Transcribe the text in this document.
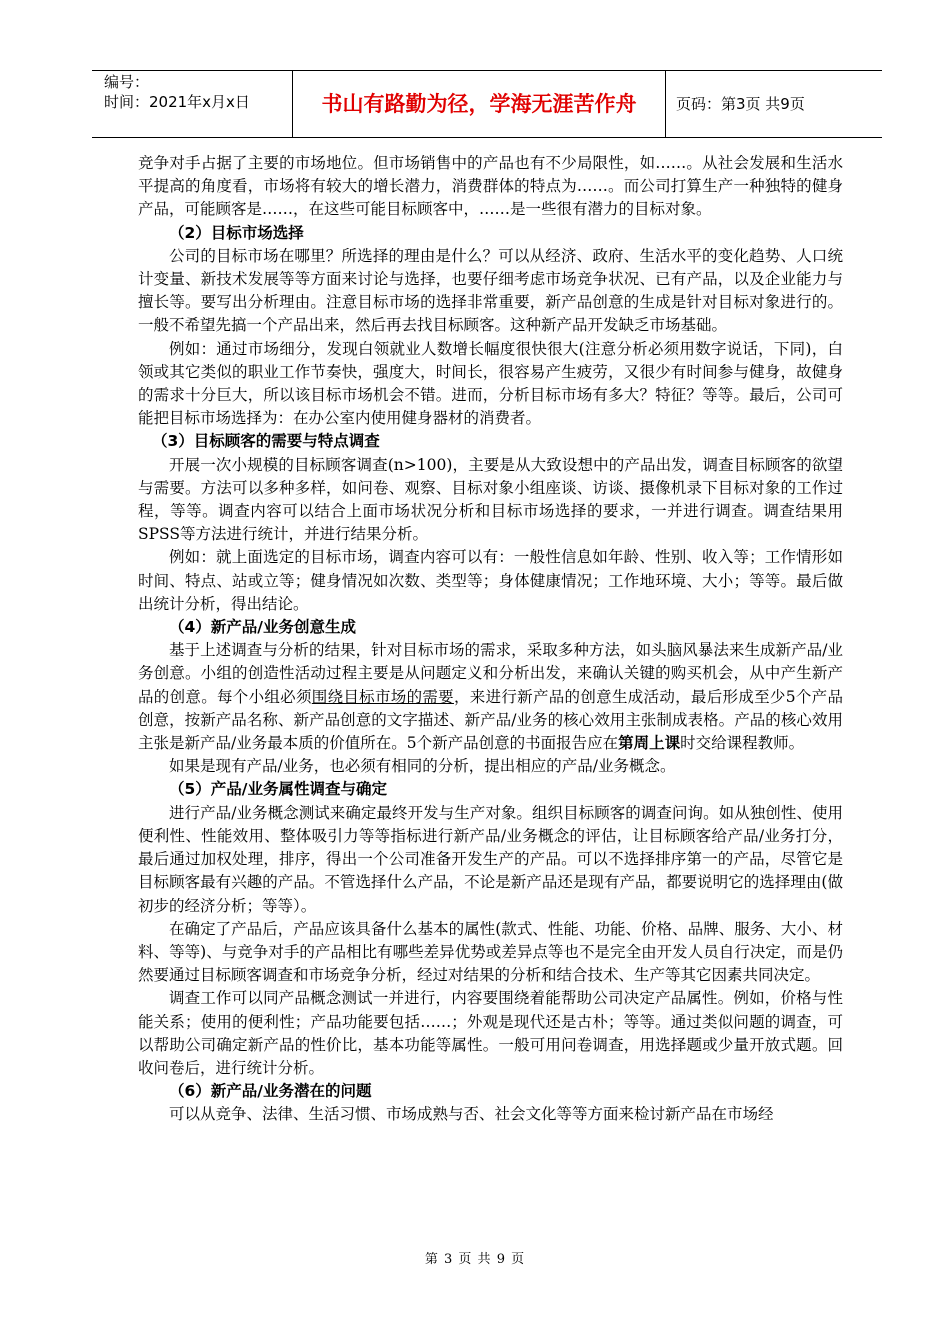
编号：
时间：2021年x月x日	书山有路勤为径，学海无涯苦作舟	页码：第3页 共9页

竞争对手占据了主要的市场地位。但市场销售中的产品也有不少局限性，如……。从社会发展和生活水平提高的角度看，市场将有较大的增长潜力，消费群体的特点为……。而公司打算生产一种独特的健身产品，可能顾客是……，在这些可能目标顾客中，……是一些很有潜力的目标对象。

（2）目标市场选择

公司的目标市场在哪里？所选择的理由是什么？可以从经济、政府、生活水平的变化趋势、人口统计变量、新技术发展等等方面来讨论与选择，也要仔细考虑市场竞争状况、已有产品，以及企业能力与擅长等。要写出分析理由。注意目标市场的选择非常重要，新产品创意的生成是针对目标对象进行的。一般不希望先搞一个产品出来，然后再去找目标顾客。这种新产品开发缺乏市场基础。

例如：通过市场细分，发现白领就业人数增长幅度很快很大(注意分析必须用数字说话，下同)，白领或其它类似的职业工作节奏快，强度大，时间长，很容易产生疲劳，又很少有时间参与健身，故健身的需求十分巨大，所以该目标市场机会不错。进而，分析目标市场有多大？特征？等等。最后，公司可能把目标市场选择为：在办公室内使用健身器材的消费者。

（3）目标顾客的需要与特点调查

开展一次小规模的目标顾客调查(n>100)，主要是从大致设想中的产品出发，调查目标顾客的欲望与需要。方法可以多种多样，如问卷、观察、目标对象小组座谈、访谈、摄像机录下目标对象的工作过程，等等。调查内容可以结合上面市场状况分析和目标市场选择的要求，一并进行调查。调查结果用SPSS等方法进行统计，并进行结果分析。

例如：就上面选定的目标市场，调查内容可以有：一般性信息如年龄、性别、收入等；工作情形如时间、特点、站或立等；健身情况如次数、类型等；身体健康情况；工作地环境、大小；等等。最后做出统计分析，得出结论。

（4）新产品/业务创意生成

基于上述调查与分析的结果，针对目标市场的需求，采取多种方法，如头脑风暴法来生成新产品/业务创意。小组的创造性活动过程主要是从问题定义和分析出发，来确认关键的购买机会，从中产生新产品的创意。每个小组必须围绕目标市场的需要，来进行新产品的创意生成活动，最后形成至少5个产品创意，按新产品名称、新产品创意的文字描述、新产品/业务的核心效用主张制成表格。产品的核心效用主张是新产品/业务最本质的价值所在。5个新产品创意的书面报告应在第周上课时交给课程教师。

如果是现有产品/业务，也必须有相同的分析，提出相应的产品/业务概念。

（5）产品/业务属性调查与确定

进行产品/业务概念测试来确定最终开发与生产对象。组织目标顾客的调查问询。如从独创性、使用便利性、性能效用、整体吸引力等等指标进行新产品/业务概念的评估，让目标顾客给产品/业务打分，最后通过加权处理，排序，得出一个公司准备开发生产的产品。可以不选择排序第一的产品，尽管它是目标顾客最有兴趣的产品。不管选择什么产品，不论是新产品还是现有产品，都要说明它的选择理由(做初步的经济分析；等等）。

在确定了产品后，产品应该具备什么基本的属性(款式、性能、功能、价格、品牌、服务、大小、材料、等等)、与竞争对手的产品相比有哪些差异优势或差异点等也不是完全由开发人员自行决定，而是仍然要通过目标顾客调查和市场竞争分析，经过对结果的分析和结合技术、生产等其它因素共同决定。

调查工作可以同产品概念测试一并进行，内容要围绕着能帮助公司决定产品属性。例如，价格与性能关系；使用的便利性；产品功能要包括……；外观是现代还是古朴；等等。通过类似问题的调查，可以帮助公司确定新产品的性价比，基本功能等属性。一般可用问卷调查，用选择题或少量开放式题。回收问卷后，进行统计分析。

（6）新产品/业务潜在的问题

可以从竞争、法律、生活习惯、市场成熟与否、社会文化等等方面来检讨新产品在市场经

第 3 页 共 9 页
